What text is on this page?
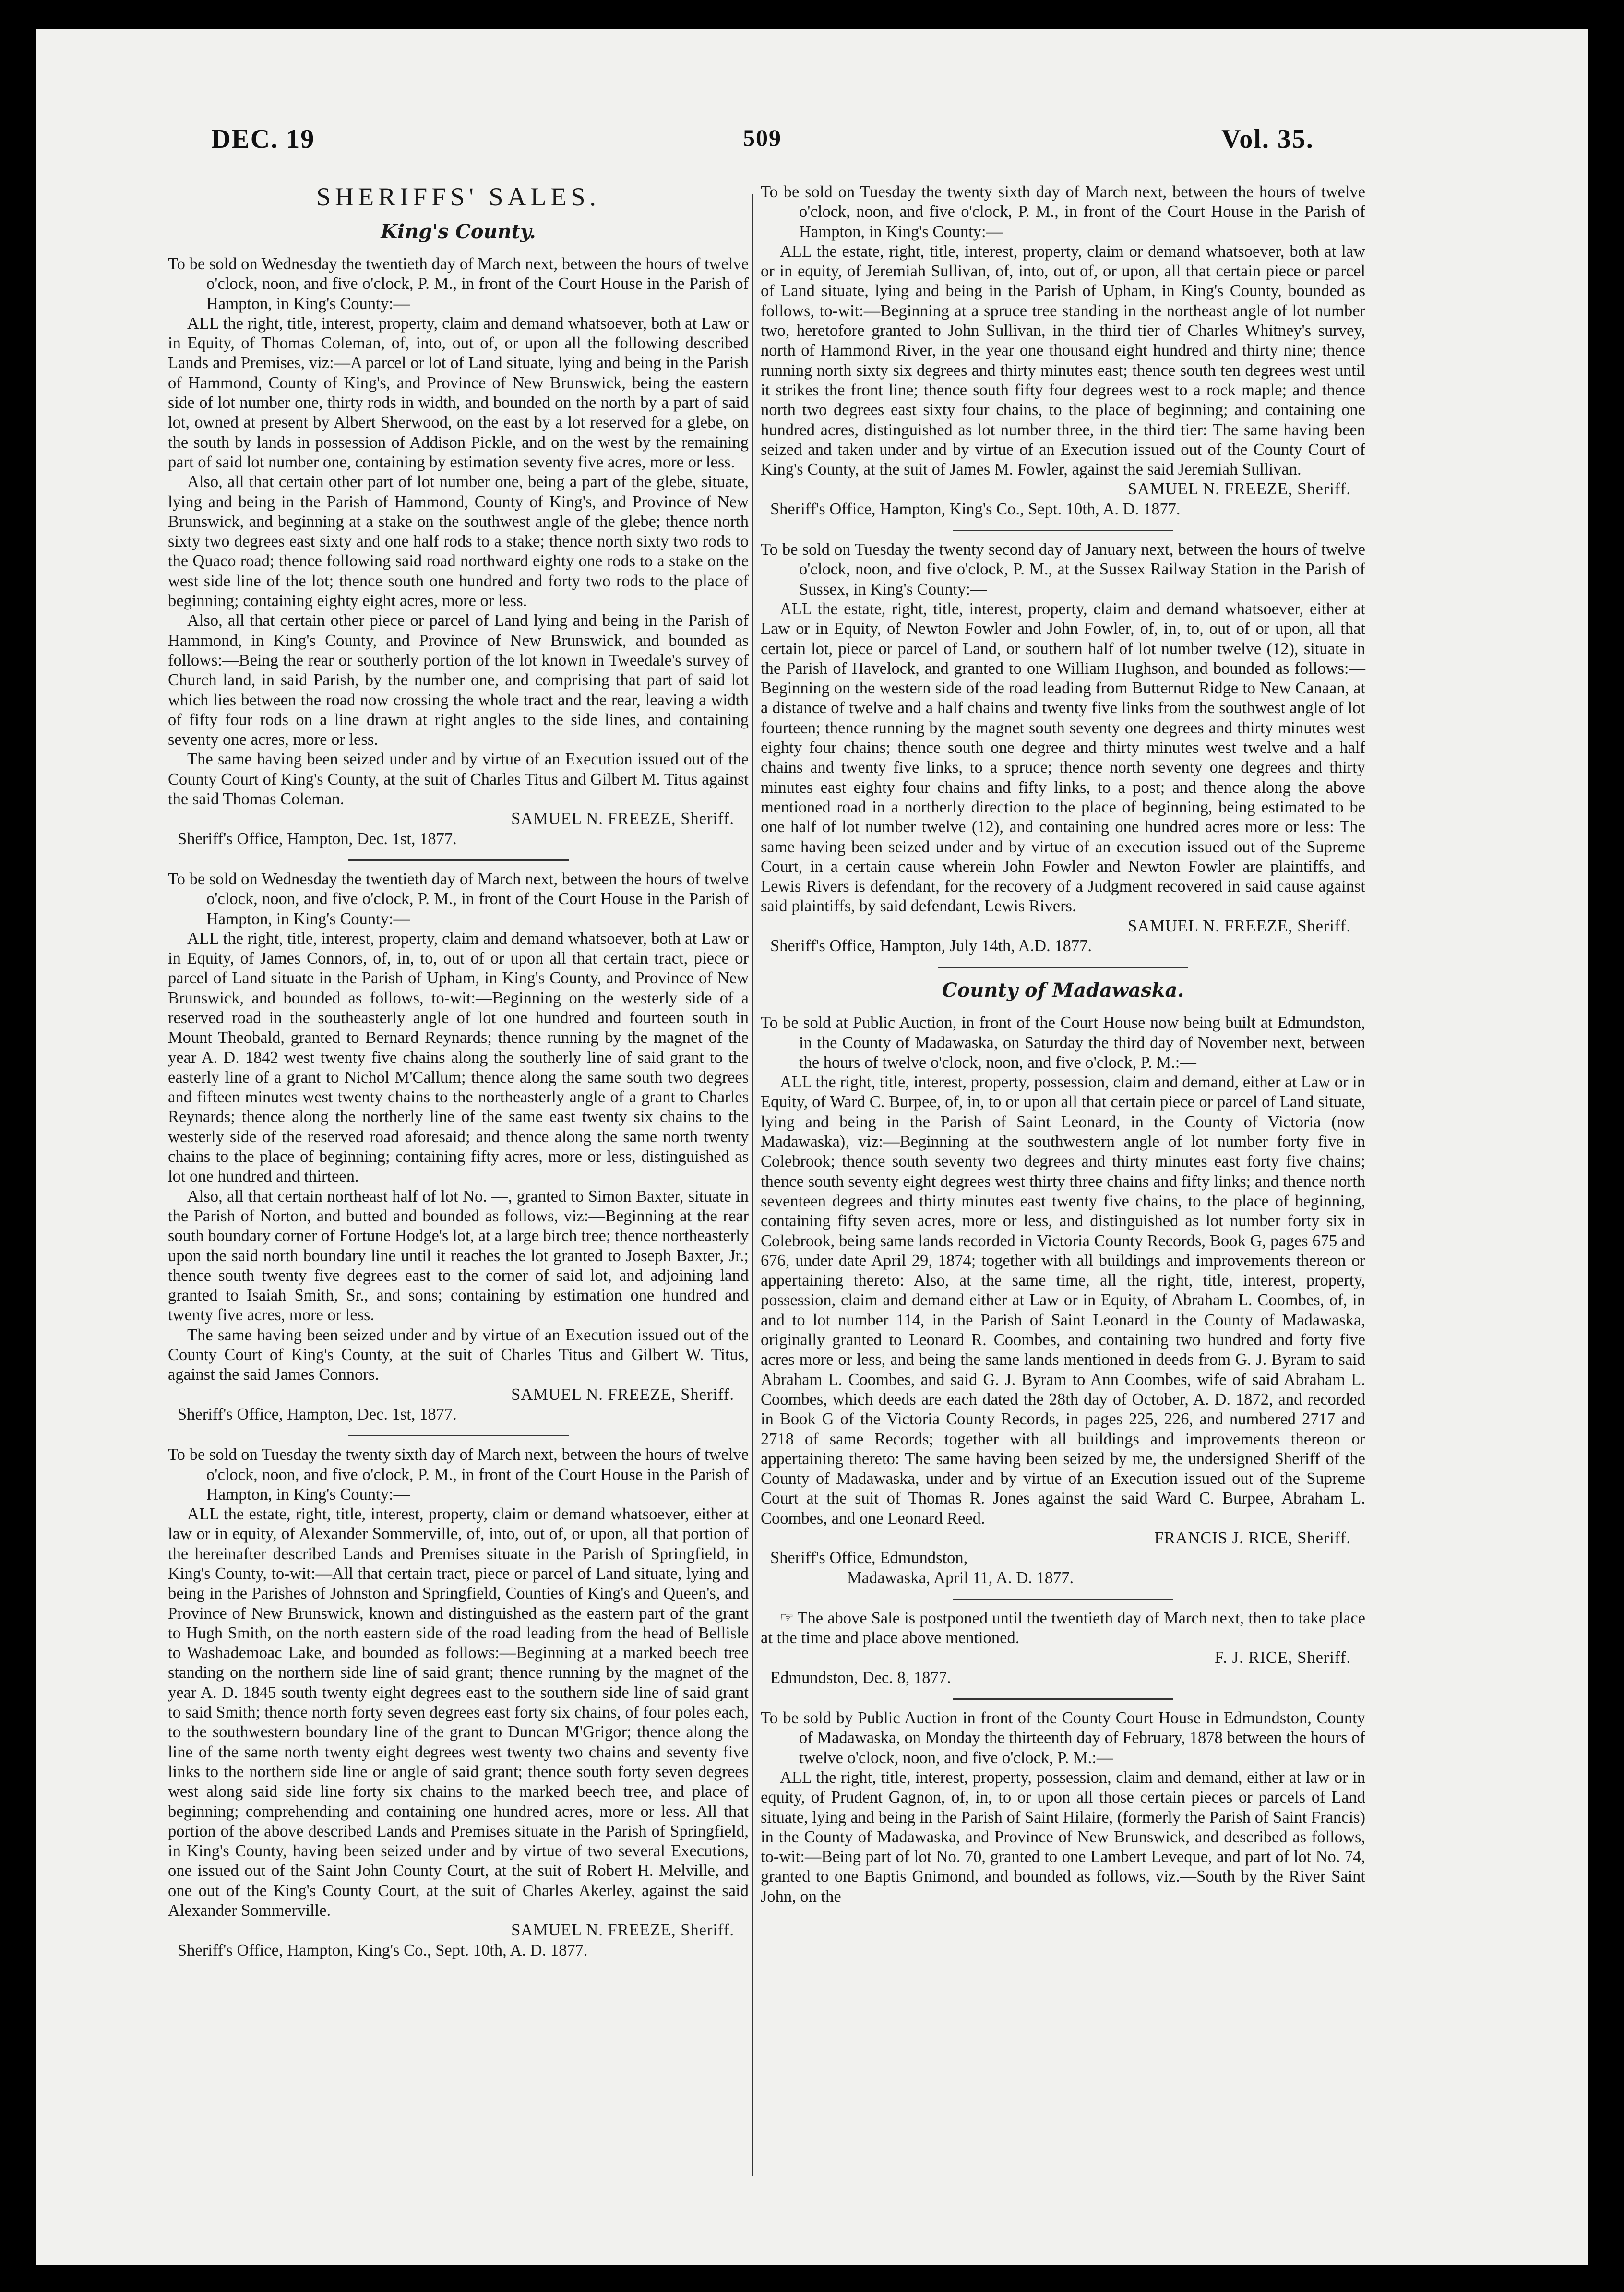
DEC. 19	509	Vol. 35.
SHERIFFS' SALES.
King's County.

To be sold on Wednesday the twentieth day of March next, between the hours of twelve o'clock, noon, and five o'clock, P. M., in front of the Court House in the Parish of Hampton, in King's County:—

ALL the right, title, interest, property, claim and demand whatsoever, both at Law or in Equity, of Thomas Coleman, of, into, out of, or upon all the following described Lands and Premises, viz:—A parcel or lot of Land situate, lying and being in the Parish of Hammond, County of King's, and Province of New Brunswick, being the eastern side of lot number one, thirty rods in width, and bounded on the north by a part of said lot, owned at present by Albert Sherwood, on the east by a lot reserved for a glebe, on the south by lands in possession of Addison Pickle, and on the west by the remaining part of said lot number one, containing by estimation seventy five acres, more or less.

Also, all that certain other part of lot number one, being a part of the glebe, situate, lying and being in the Parish of Hammond, County of King's, and Province of New Brunswick, and beginning at a stake on the southwest angle of the glebe; thence north sixty two degrees east sixty and one half rods to a stake; thence north sixty two rods to the Quaco road; thence following said road northward eighty one rods to a stake on the west side line of the lot; thence south one hundred and forty two rods to the place of beginning; containing eighty eight acres, more or less.

Also, all that certain other piece or parcel of Land lying and being in the Parish of Hammond, in King's County, and Province of New Brunswick, and bounded as follows:—Being the rear or southerly portion of the lot known in Tweedale's survey of Church land, in said Parish, by the number one, and comprising that part of said lot which lies between the road now crossing the whole tract and the rear, leaving a width of fifty four rods on a line drawn at right angles to the side lines, and containing seventy one acres, more or less.

The same having been seized under and by virtue of an Execution issued out of the County Court of King's County, at the suit of Charles Titus and Gilbert M. Titus against the said Thomas Coleman.

SAMUEL N. FREEZE, Sheriff.

Sheriff's Office, Hampton, Dec. 1st, 1877.

To be sold on Wednesday the twentieth day of March next, between the hours of twelve o'clock, noon, and five o'clock, P. M., in front of the Court House in the Parish of Hampton, in King's County:—

ALL the right, title, interest, property, claim and demand whatsoever, both at Law or in Equity, of James Connors, of, in, to, out of or upon all that certain tract, piece or parcel of Land situate in the Parish of Upham, in King's County, and Province of New Brunswick, and bounded as follows, to-wit:—Beginning on the westerly side of a reserved road in the southeasterly angle of lot one hundred and fourteen south in Mount Theobald, granted to Bernard Reynards; thence running by the magnet of the year A. D. 1842 west twenty five chains along the southerly line of said grant to the easterly line of a grant to Nichol M'Callum; thence along the same south two degrees and fifteen minutes west twenty chains to the northeasterly angle of a grant to Charles Reynards; thence along the northerly line of the same east twenty six chains to the westerly side of the reserved road aforesaid; and thence along the same north twenty chains to the place of beginning; containing fifty acres, more or less, distinguished as lot one hundred and thirteen.

Also, all that certain northeast half of lot No. —, granted to Simon Baxter, situate in the Parish of Norton, and butted and bounded as follows, viz:—Beginning at the rear south boundary corner of Fortune Hodge's lot, at a large birch tree; thence northeasterly upon the said north boundary line until it reaches the lot granted to Joseph Baxter, Jr.; thence south twenty five degrees east to the corner of said lot, and adjoining land granted to Isaiah Smith, Sr., and sons; containing by estimation one hundred and twenty five acres, more or less.

The same having been seized under and by virtue of an Execution issued out of the County Court of King's County, at the suit of Charles Titus and Gilbert W. Titus, against the said James Connors.

SAMUEL N. FREEZE, Sheriff.

Sheriff's Office, Hampton, Dec. 1st, 1877.

To be sold on Tuesday the twenty sixth day of March next, between the hours of twelve o'clock, noon, and five o'clock, P. M., in front of the Court House in the Parish of Hampton, in King's County:—

ALL the estate, right, title, interest, property, claim or demand whatsoever, either at law or in equity, of Alexander Sommerville, of, into, out of, or upon, all that portion of the hereinafter described Lands and Premises situate in the Parish of Springfield, in King's County, to-wit:—All that certain tract, piece or parcel of Land situate, lying and being in the Parishes of Johnston and Springfield, Counties of King's and Queen's, and Province of New Brunswick, known and distinguished as the eastern part of the grant to Hugh Smith, on the north eastern side of the road leading from the head of Bellisle to Washademoac Lake, and bounded as follows:—Beginning at a marked beech tree standing on the northern side line of said grant; thence running by the magnet of the year A. D. 1845 south twenty eight degrees east to the southern side line of said grant to said Smith; thence north forty seven degrees east forty six chains, of four poles each, to the southwestern boundary line of the grant to Duncan M'Grigor; thence along the line of the same north twenty eight degrees west twenty two chains and seventy five links to the northern side line or angle of said grant; thence south forty seven degrees west along said side line forty six chains to the marked beech tree, and place of beginning; comprehending and containing one hundred acres, more or less. All that portion of the above described Lands and Premises situate in the Parish of Springfield, in King's County, having been seized under and by virtue of two several Executions, one issued out of the Saint John County Court, at the suit of Robert H. Melville, and one out of the King's County Court, at the suit of Charles Akerley, against the said Alexander Sommerville.

SAMUEL N. FREEZE, Sheriff.

Sheriff's Office, Hampton, King's Co., Sept. 10th, A. D. 1877.

To be sold on Tuesday the twenty sixth day of March next, between the hours of twelve o'clock, noon, and five o'clock, P. M., in front of the Court House in the Parish of Hampton, in King's County:—

ALL the estate, right, title, interest, property, claim or demand whatsoever, both at law or in equity, of Jeremiah Sullivan, of, into, out of, or upon, all that certain piece or parcel of Land situate, lying and being in the Parish of Upham, in King's County, bounded as follows, to-wit:—Beginning at a spruce tree standing in the northeast angle of lot number two, heretofore granted to John Sullivan, in the third tier of Charles Whitney's survey, north of Hammond River, in the year one thousand eight hundred and thirty nine; thence running north sixty six degrees and thirty minutes east; thence south ten degrees west until it strikes the front line; thence south fifty four degrees west to a rock maple; and thence north two degrees east sixty four chains, to the place of beginning; and containing one hundred acres, distinguished as lot number three, in the third tier: The same having been seized and taken under and by virtue of an Execution issued out of the County Court of King's County, at the suit of James M. Fowler, against the said Jeremiah Sullivan.

SAMUEL N. FREEZE, Sheriff.

Sheriff's Office, Hampton, King's Co., Sept. 10th, A. D. 1877.

To be sold on Tuesday the twenty second day of January next, between the hours of twelve o'clock, noon, and five o'clock, P. M., at the Sussex Railway Station in the Parish of Sussex, in King's County:—

ALL the estate, right, title, interest, property, claim and demand whatsoever, either at Law or in Equity, of Newton Fowler and John Fowler, of, in, to, out of or upon, all that certain lot, piece or parcel of Land, or southern half of lot number twelve (12), situate in the Parish of Havelock, and granted to one William Hughson, and bounded as follows:—Beginning on the western side of the road leading from Butternut Ridge to New Canaan, at a distance of twelve and a half chains and twenty five links from the southwest angle of lot fourteen; thence running by the magnet south seventy one degrees and thirty minutes west eighty four chains; thence south one degree and thirty minutes west twelve and a half chains and twenty five links, to a spruce; thence north seventy one degrees and thirty minutes east eighty four chains and fifty links, to a post; and thence along the above mentioned road in a northerly direction to the place of beginning, being estimated to be one half of lot number twelve (12), and containing one hundred acres more or less: The same having been seized under and by virtue of an execution issued out of the Supreme Court, in a certain cause wherein John Fowler and Newton Fowler are plaintiffs, and Lewis Rivers is defendant, for the recovery of a Judgment recovered in said cause against said plaintiffs, by said defendant, Lewis Rivers.

SAMUEL N. FREEZE, Sheriff.

Sheriff's Office, Hampton, July 14th, A.D. 1877.

County of Madawaska.

To be sold at Public Auction, in front of the Court House now being built at Edmundston, in the County of Madawaska, on Saturday the third day of November next, between the hours of twelve o'clock, noon, and five o'clock, P. M.:—

ALL the right, title, interest, property, possession, claim and demand, either at Law or in Equity, of Ward C. Burpee, of, in, to or upon all that certain piece or parcel of Land situate, lying and being in the Parish of Saint Leonard, in the County of Victoria (now Madawaska), viz:—Beginning at the southwestern angle of lot number forty five in Colebrook; thence south seventy two degrees and thirty minutes east forty five chains; thence south seventy eight degrees west thirty three chains and fifty links; and thence north seventeen degrees and thirty minutes east twenty five chains, to the place of beginning, containing fifty seven acres, more or less, and distinguished as lot number forty six in Colebrook, being same lands recorded in Victoria County Records, Book G, pages 675 and 676, under date April 29, 1874; together with all buildings and improvements thereon or appertaining thereto: Also, at the same time, all the right, title, interest, property, possession, claim and demand either at Law or in Equity, of Abraham L. Coombes, of, in and to lot number 114, in the Parish of Saint Leonard in the County of Madawaska, originally granted to Leonard R. Coombes, and containing two hundred and forty five acres more or less, and being the same lands mentioned in deeds from G. J. Byram to said Abraham L. Coombes, and said G. J. Byram to Ann Coombes, wife of said Abraham L. Coombes, which deeds are each dated the 28th day of October, A. D. 1872, and recorded in Book G of the Victoria County Records, in pages 225, 226, and numbered 2717 and 2718 of same Records; together with all buildings and improvements thereon or appertaining thereto: The same having been seized by me, the undersigned Sheriff of the County of Madawaska, under and by virtue of an Execution issued out of the Supreme Court at the suit of Thomas R. Jones against the said Ward C. Burpee, Abraham L. Coombes, and one Leonard Reed.

FRANCIS J. RICE, Sheriff.

Sheriff's Office, Edmundston,

Madawaska, April 11, A. D. 1877.

☞ The above Sale is postponed until the twentieth day of March next, then to take place at the time and place above mentioned.

F. J. RICE, Sheriff.

Edmundston, Dec. 8, 1877.

To be sold by Public Auction in front of the County Court House in Edmundston, County of Madawaska, on Monday the thirteenth day of February, 1878 between the hours of twelve o'clock, noon, and five o'clock, P. M.:—

ALL the right, title, interest, property, possession, claim and demand, either at law or in equity, of Prudent Gagnon, of, in, to or upon all those certain pieces or parcels of Land situate, lying and being in the Parish of Saint Hilaire, (formerly the Parish of Saint Francis) in the County of Madawaska, and Province of New Brunswick, and described as follows, to-wit:—Being part of lot No. 70, granted to one Lambert Leveque, and part of lot No. 74, granted to one Baptis Gnimond, and bounded as follows, viz.—South by the River Saint John, on the
